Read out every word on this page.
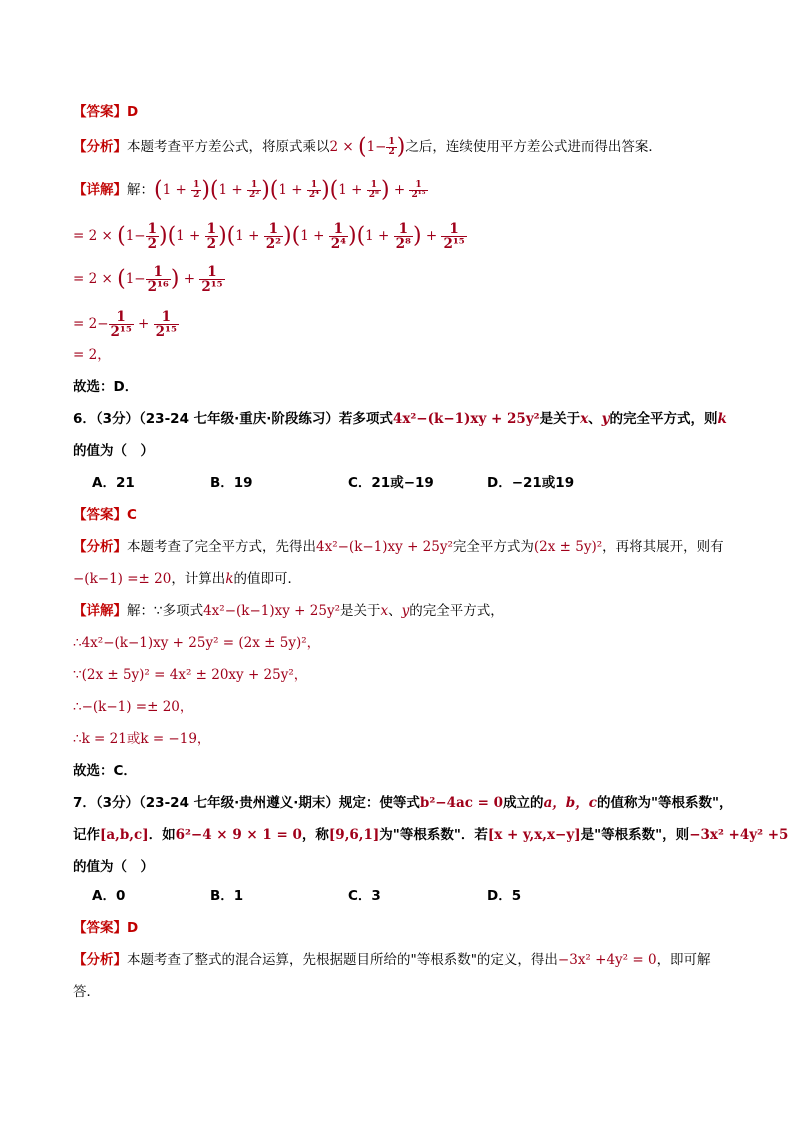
【答案】D
【分析】本题考查平方差公式，将原式乘以$2 \times (1- \frac{1}{2}$ )之后，连续使用平方差公式进而得出答案．
【详解】解：$(1 + \frac{1}{2} )(1 + \frac{1}{\text{2²}} )(1 + \frac{1}{\text{2⁴}} )(1 + \frac{1}{\text{2⁸}}$ ) + $\frac{1}{\text{2¹⁵}}$
= $2 \times (1- \frac{1}{2} )(1 + \frac{1}{2} )(1 + \frac{1}{\text{2²}} )(1 + \frac{1}{\text{2⁴}} )(1 + \frac{1}{\text{2⁸}}$ ) + $\frac{1}{\text{2¹⁵}}$
= $2 \times (1- \frac{1}{\text{2¹⁶}}$ ) + $\frac{1}{\text{2¹⁵}}$
= $2- \frac{1}{\text{2¹⁵}} + \frac{1}{\text{2¹⁵}}$
= 2，
故选：D．
6．（3分）（23-24 七年级·重庆·阶段练习）若多项式4x²−(k−1)xy + 25y²是关于x、y的完全平方式，则k
的值为（　）
A．21	B．19	C．21或−19	D．−21或19
【答案】C
【分析】本题考查了完全平方式，先得出4x²−(k−1)xy + 25y²完全平方式为(2x ± 5y)²，再将其展开，则有
−(k−1) =± 20，计算出k的值即可．
【详解】解：∵多项式4x²−(k−1)xy + 25y²是关于x、y的完全平方式，
∴4x²−(k−1)xy + 25y² = (2x ± 5y)²，
∵(2x ± 5y)² = 4x² ± 20xy + 25y²，
∴−(k−1) =± 20，
∴k = 21或k = −19，
故选：C．
7．（3分）（23-24 七年级·贵州遵义·期末）规定：使等式b²−4ac = 0成立的a，b，c的值称为"等根系数"，
记作[a,b,c]．如6²−4 × 9 × 1 = 0，称[9,6,1]为"等根系数"．若[x + y,x,x−y]是"等根系数"，则−3x² +4y² +5
的值为（　）
A．0	B．1	C．3	D．5
【答案】D
【分析】本题考查了整式的混合运算，先根据题目所给的"等根系数"的定义，得出−3x² +4y² = 0，即可解
答．
